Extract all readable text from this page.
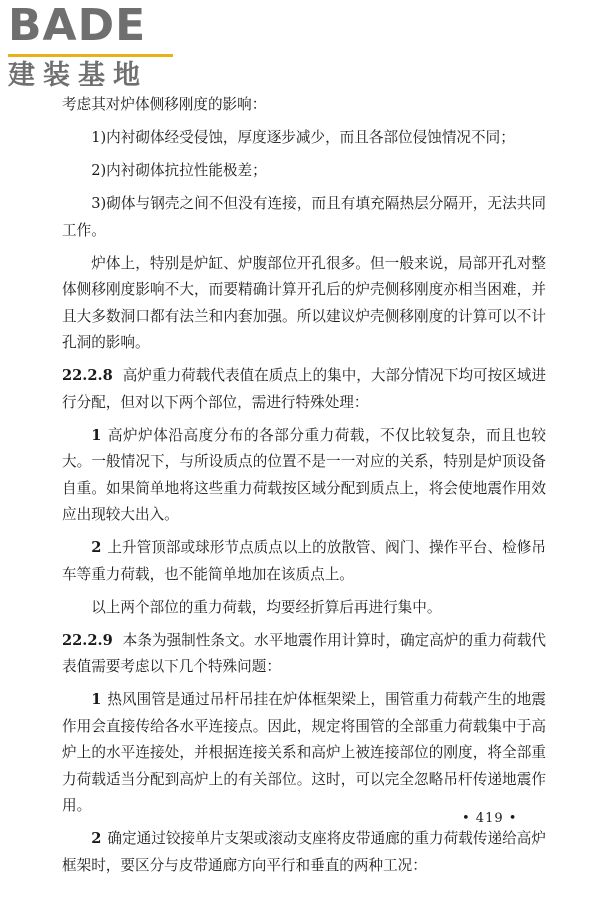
BADE
建装基地

考虑其对炉体侧移刚度的影响：

1)内衬砌体经受侵蚀，厚度逐步减少，而且各部位侵蚀情况不同；

2)内衬砌体抗拉性能极差；

3)砌体与钢壳之间不但没有连接，而且有填充隔热层分隔开，无法共同工作。

炉体上，特别是炉缸、炉腹部位开孔很多。但一般来说，局部开孔对整体侧移刚度影响不大，而要精确计算开孔后的炉壳侧移刚度亦相当困难，并且大多数洞口都有法兰和内套加强。所以建议炉壳侧移刚度的计算可以不计孔洞的影响。

22.2.8 高炉重力荷载代表值在质点上的集中，大部分情况下均可按区域进行分配，但对以下两个部位，需进行特殊处理：

1 高炉炉体沿高度分布的各部分重力荷载，不仅比较复杂，而且也较大。一般情况下，与所设质点的位置不是一一对应的关系，特别是炉顶设备自重。如果简单地将这些重力荷载按区域分配到质点上，将会使地震作用效应出现较大出入。

2 上升管顶部或球形节点质点以上的放散管、阀门、操作平台、检修吊车等重力荷载，也不能简单地加在该质点上。

以上两个部位的重力荷载，均要经折算后再进行集中。

22.2.9 本条为强制性条文。水平地震作用计算时，确定高炉的重力荷载代表值需要考虑以下几个特殊问题：

1 热风围管是通过吊杆吊挂在炉体框架梁上，围管重力荷载产生的地震作用会直接传给各水平连接点。因此，规定将围管的全部重力荷载集中于高炉上的水平连接处，并根据连接关系和高炉上被连接部位的刚度，将全部重力荷载适当分配到高炉上的有关部位。这时，可以完全忽略吊杆传递地震作用。

2 确定通过铰接单片支架或滚动支座将皮带通廊的重力荷载传递给高炉框架时，要区分与皮带通廊方向平行和垂直的两种工况：

• 419 •
